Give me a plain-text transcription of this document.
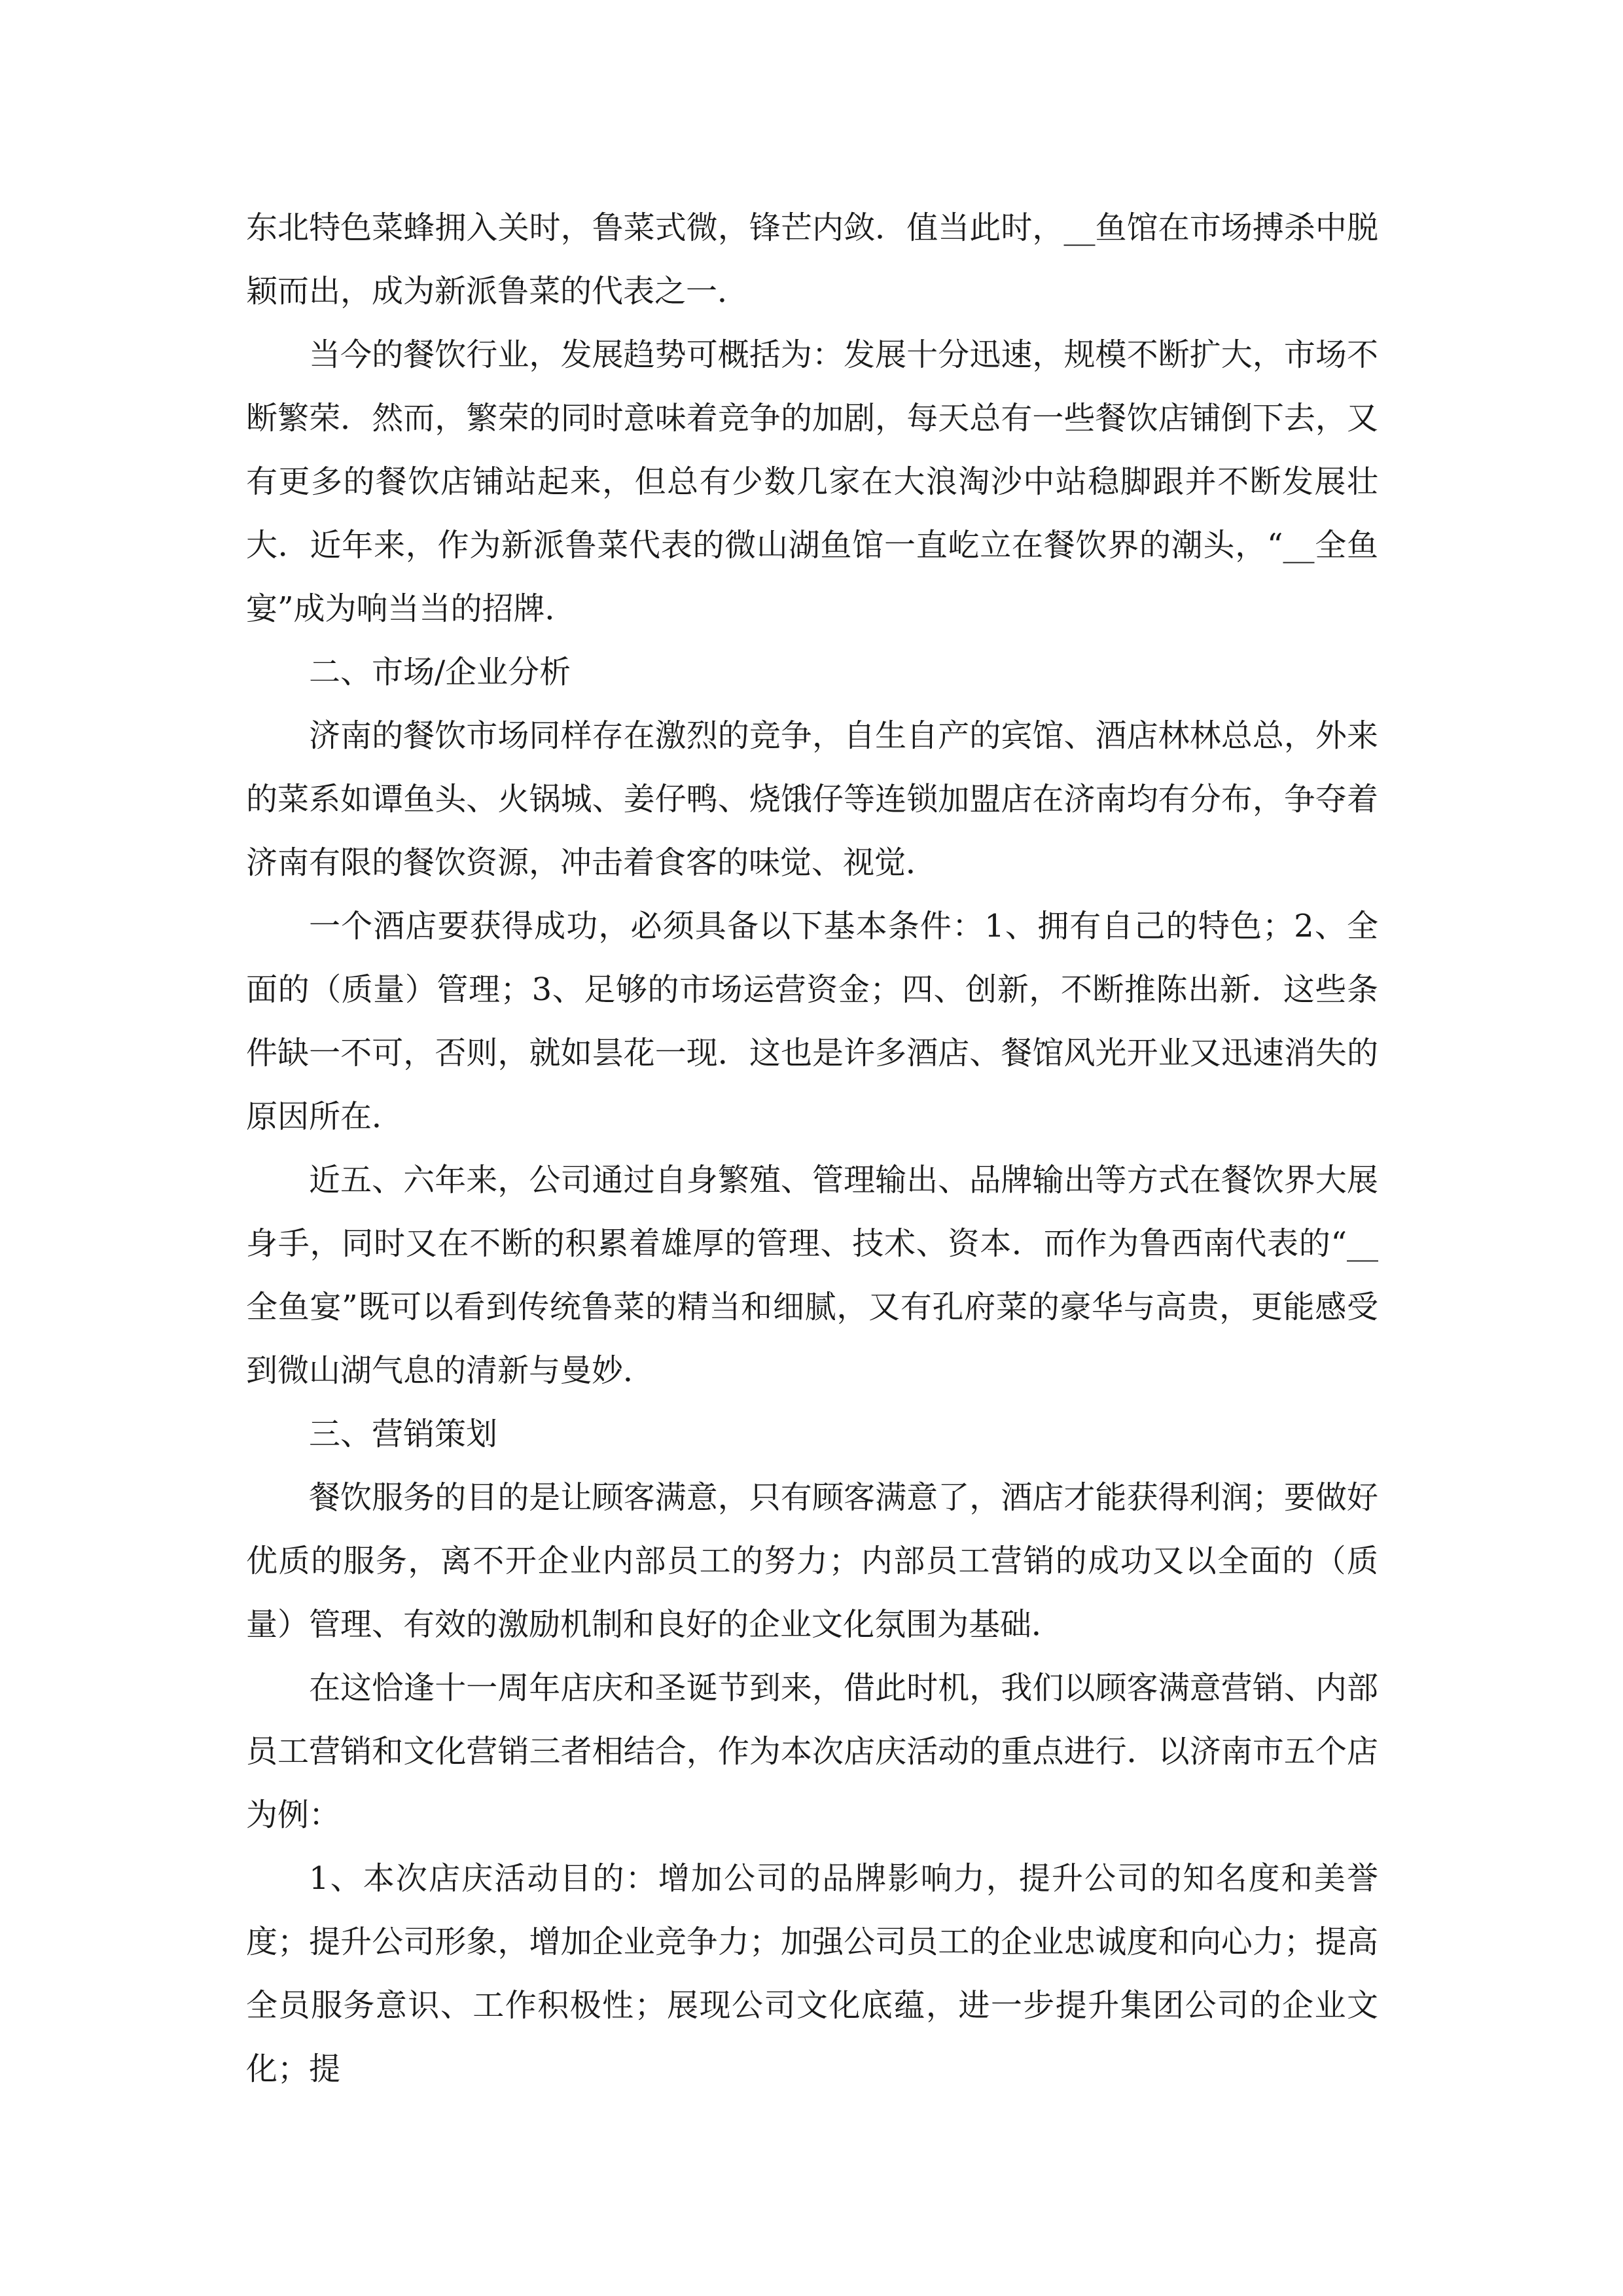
东北特色菜蜂拥入关时，鲁菜式微，锋芒内敛．值当此时，__鱼馆在市场搏杀中脱颖而出，成为新派鲁菜的代表之一．

当今的餐饮行业，发展趋势可概括为：发展十分迅速，规模不断扩大，市场不断繁荣．然而，繁荣的同时意味着竞争的加剧，每天总有一些餐饮店铺倒下去，又有更多的餐饮店铺站起来，但总有少数几家在大浪淘沙中站稳脚跟并不断发展壮大．近年来，作为新派鲁菜代表的微山湖鱼馆一直屹立在餐饮界的潮头，“__全鱼宴”成为响当当的招牌．

二、市场/企业分析

济南的餐饮市场同样存在激烈的竞争，自生自产的宾馆、酒店林林总总，外来的菜系如谭鱼头、火锅城、姜仔鸭、烧饿仔等连锁加盟店在济南均有分布，争夺着济南有限的餐饮资源，冲击着食客的味觉、视觉．

一个酒店要获得成功，必须具备以下基本条件：1、拥有自己的特色；2、全面的（质量）管理；3、足够的市场运营资金；四、创新，不断推陈出新．这些条件缺一不可，否则，就如昙花一现．这也是许多酒店、餐馆风光开业又迅速消失的原因所在．

近五、六年来，公司通过自身繁殖、管理输出、品牌输出等方式在餐饮界大展身手，同时又在不断的积累着雄厚的管理、技术、资本．而作为鲁西南代表的“__全鱼宴”既可以看到传统鲁菜的精当和细腻，又有孔府菜的豪华与高贵，更能感受到微山湖气息的清新与曼妙．

三、营销策划

餐饮服务的目的是让顾客满意，只有顾客满意了，酒店才能获得利润；要做好优质的服务，离不开企业内部员工的努力；内部员工营销的成功又以全面的（质量）管理、有效的激励机制和良好的企业文化氛围为基础．

在这恰逢十一周年店庆和圣诞节到来，借此时机，我们以顾客满意营销、内部员工营销和文化营销三者相结合，作为本次店庆活动的重点进行．以济南市五个店为例：

1、本次店庆活动目的：增加公司的品牌影响力，提升公司的知名度和美誉度；提升公司形象，增加企业竞争力；加强公司员工的企业忠诚度和向心力；提高全员服务意识、工作积极性；展现公司文化底蕴，进一步提升集团公司的企业文化；提
